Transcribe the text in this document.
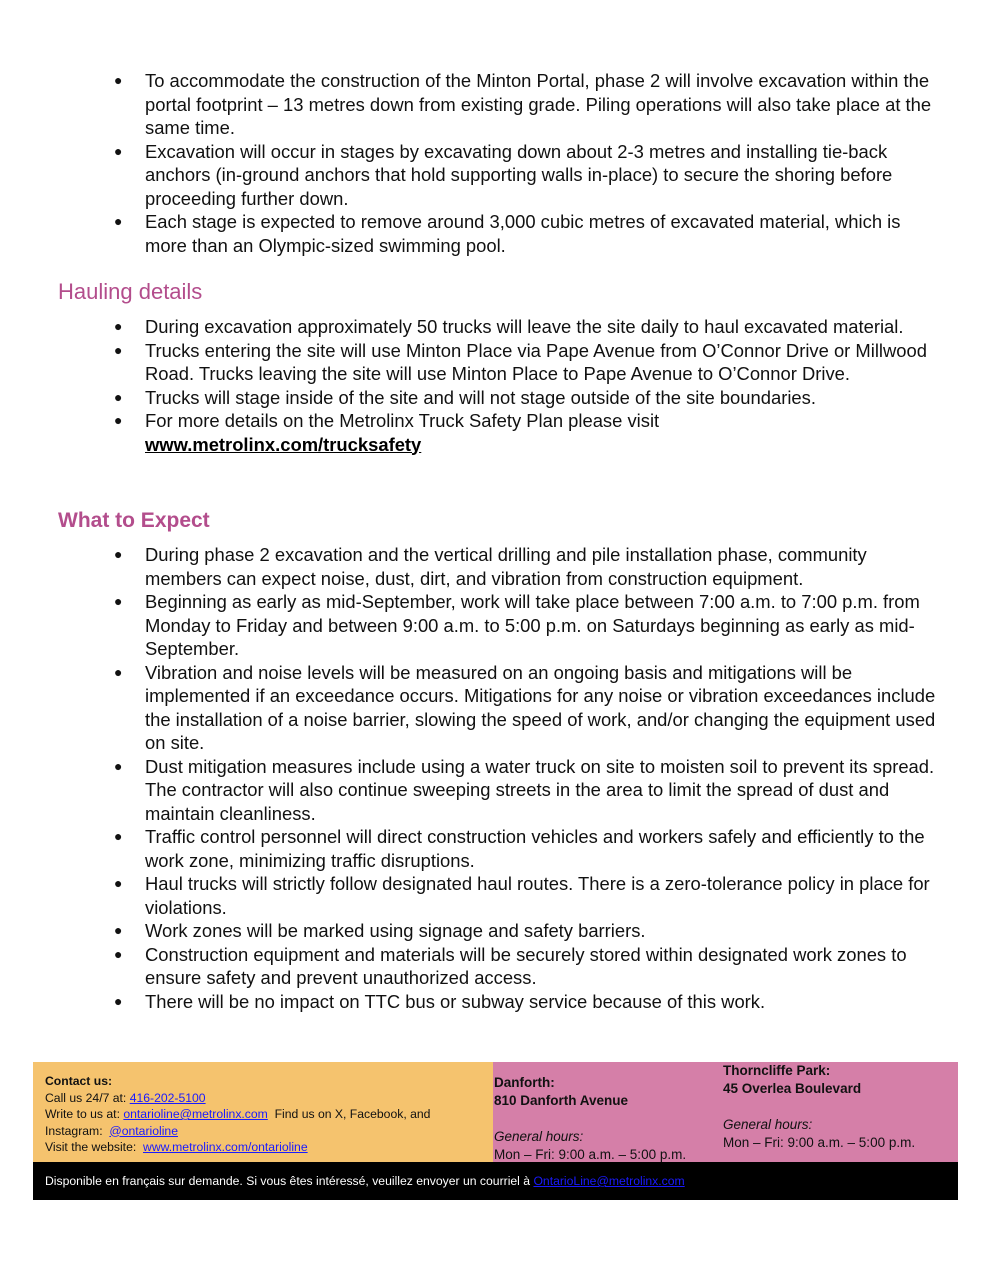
● To accommodate the construction of the Minton Portal, phase 2 will involve excavation within the portal footprint – 13 metres down from existing grade. Piling operations will also take place at the same time.
● Excavation will occur in stages by excavating down about 2-3 metres and installing tie-back anchors (in-ground anchors that hold supporting walls in-place) to secure the shoring before proceeding further down.
● Each stage is expected to remove around 3,000 cubic metres of excavated material, which is more than an Olympic-sized swimming pool.
Hauling details
● During excavation approximately 50 trucks will leave the site daily to haul excavated material.
● Trucks entering the site will use Minton Place via Pape Avenue from O’Connor Drive or Millwood Road. Trucks leaving the site will use Minton Place to Pape Avenue to O’Connor Drive.
● Trucks will stage inside of the site and will not stage outside of the site boundaries.
● For more details on the Metrolinx Truck Safety Plan please visit
www.metrolinx.com/trucksafety
What to Expect
● During phase 2 excavation and the vertical drilling and pile installation phase, community members can expect noise, dust, dirt, and vibration from construction equipment.
● Beginning as early as mid-September, work will take place between 7:00 a.m. to 7:00 p.m. from Monday to Friday and between 9:00 a.m. to 5:00 p.m. on Saturdays beginning as early as mid-September.
● Vibration and noise levels will be measured on an ongoing basis and mitigations will be implemented if an exceedance occurs. Mitigations for any noise or vibration exceedances include the installation of a noise barrier, slowing the speed of work, and/or changing the equipment used on site.
● Dust mitigation measures include using a water truck on site to moisten soil to prevent its spread. The contractor will also continue sweeping streets in the area to limit the spread of dust and maintain cleanliness.
● Traffic control personnel will direct construction vehicles and workers safely and efficiently to the work zone, minimizing traffic disruptions.
● Haul trucks will strictly follow designated haul routes. There is a zero-tolerance policy in place for violations.
● Work zones will be marked using signage and safety barriers.
● Construction equipment and materials will be securely stored within designated work zones to ensure safety and prevent unauthorized access.
● There will be no impact on TTC bus or subway service because of this work.
Contact us:
Call us 24/7 at: 416-202-5100
Write to us at: ontarioline@metrolinx.com Find us on X, Facebook, and Instagram: @ontarioline
Visit the website: www.metrolinx.com/ontarioline
Danforth:
810 Danforth Avenue
General hours:
Mon – Fri: 9:00 a.m. – 5:00 p.m.
Thorncliffe Park:
45 Overlea Boulevard
General hours:
Mon – Fri: 9:00 a.m. – 5:00 p.m.
Disponible en français sur demande. Si vous êtes intéressé, veuillez envoyer un courriel à OntarioLine@metrolinx.com
